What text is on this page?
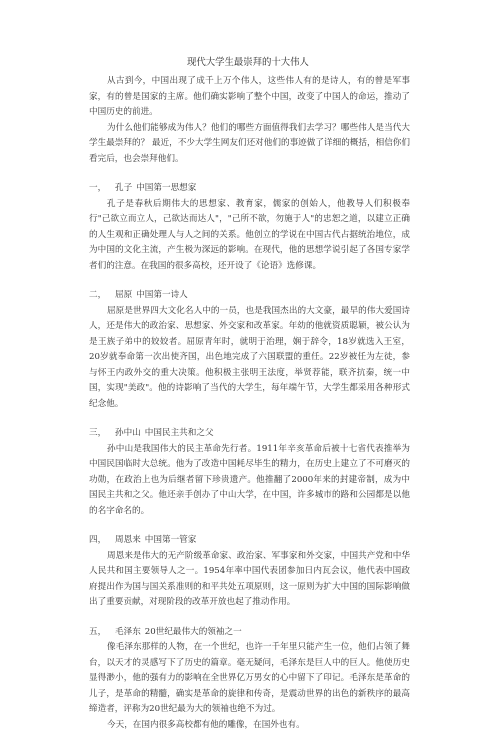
现代大学生最崇拜的十大伟人

从古到今，中国出现了成千上万个伟人，这些伟人有的是诗人，有的曾是军事家，有的曾是国家的主席。他们确实影响了整个中国，改变了中国人的命运，推动了中国历史的前进。

为什么他们能够成为伟人？他们的哪些方面值得我们去学习？哪些伟人是当代大学生最崇拜的？ 最近，不少大学生网友们还对他们的事迹做了详细的概括，相信你们看完后，也会崇拜他们。

一， 孔子 中国第一思想家

孔子是春秋后期伟大的思想家、教育家，儒家的创始人，他教导人们积极奉行"己欲立而立人，己欲达而达人"，"己所不欲，勿施于人"的忠恕之道，以建立正确的人生观和正确处理人与人之间的关系。他创立的学说在中国古代占据统治地位，成为中国的文化主流，产生极为深远的影响。在现代，他的思想学说引起了各国专家学者们的注意。在我国的很多高校，还开设了《论语》选修课。

二， 屈原 中国第一诗人

屈原是世界四大文化名人中的一员，也是我国杰出的大文豪，最早的伟大爱国诗人，还是伟大的政治家、思想家、外交家和改革家。年幼的他就资质聪颖，被公认为是王族子弟中的姣姣者。屈原青年时，就明于治理，娴于辞令，18岁就选入王室，20岁就奉命第一次出使齐国，出色地完成了六国联盟的重任。22岁被任为左徒，参与怀王内政外交的重大决策。他积极主张明王法度，举贤荐能，联齐抗秦，统一中国，实现"美政"。他的诗影响了当代的大学生，每年端午节，大学生都采用各种形式纪念他。

三， 孙中山 中国民主共和之父

孙中山是我国伟大的民主革命先行者。1911年辛亥革命后被十七省代表推举为中国民国临时大总统。他为了改造中国耗尽毕生的精力，在历史上建立了不可磨灭的功勋，在政治上也为后继者留下珍贵遗产。他推翻了2000年来的封建帝制，成为中国民主共和之父。他还亲手创办了中山大学，在中国，许多城市的路和公园都是以他的名字命名的。

四， 周恩来 中国第一管家

周恩来是伟大的无产阶级革命家、政治家、军事家和外交家，中国共产党和中华人民共和国主要领导人之一。1954年率中国代表团参加日内瓦会议，他代表中国政府提出作为国与国关系准则的和平共处五项原则，这一原则为扩大中国的国际影响做出了重要贡献，对现阶段的改革开放也起了推动作用。

五， 毛泽东 20世纪最伟大的领袖之一

像毛泽东那样的人物，在一个世纪，也许一千年里只能产生一位，他们占领了舞台，以天才的灵感写下了历史的篇章。毫无疑问，毛泽东是巨人中的巨人。他使历史显得渺小，他的强有力的影响在全世界亿万男女的心中留下了印记。毛泽东是革命的儿子，是革命的精髓，确实是革命的旋律和传奇，是震动世界的出色的新秩序的最高缔造者，评称为20世纪最为大的领袖也绝不为过。

今天，在国内很多高校都有他的雕像，在国外也有。
